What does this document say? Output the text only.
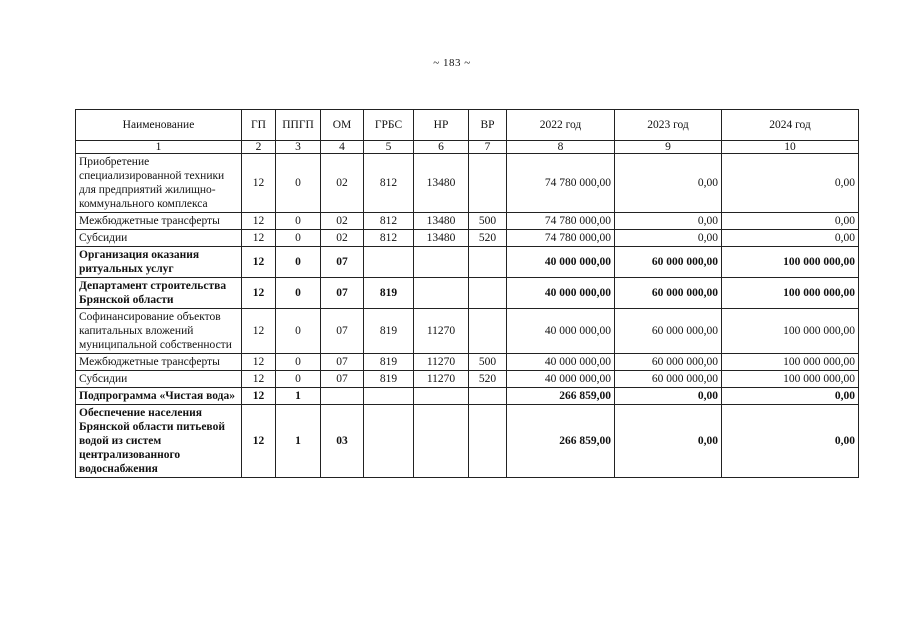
~ 183 ~
Наименование	ГП	ППГП	ОМ	ГРБС	НР	ВР	2022 год	2023 год	2024 год
1	2	3	4	5	6	7	8	9	10
Приобретение специализированной техники для предприятий жилищно-коммунального комплекса	12	0	02	812	13480		74 780 000,00	0,00	0,00
Межбюджетные трансферты	12	0	02	812	13480	500	74 780 000,00	0,00	0,00
Субсидии	12	0	02	812	13480	520	74 780 000,00	0,00	0,00
Организация оказания ритуальных услуг	12	0	07				40 000 000,00	60 000 000,00	100 000 000,00
Департамент строительства Брянской области	12	0	07	819			40 000 000,00	60 000 000,00	100 000 000,00
Софинансирование объектов капитальных вложений муниципальной собственности	12	0	07	819	11270		40 000 000,00	60 000 000,00	100 000 000,00
Межбюджетные трансферты	12	0	07	819	11270	500	40 000 000,00	60 000 000,00	100 000 000,00
Субсидии	12	0	07	819	11270	520	40 000 000,00	60 000 000,00	100 000 000,00
Подпрограмма «Чистая вода»	12	1					266 859,00	0,00	0,00
Обеспечение населения Брянской области питьевой водой из систем централизованного водоснабжения	12	1	03				266 859,00	0,00	0,00
